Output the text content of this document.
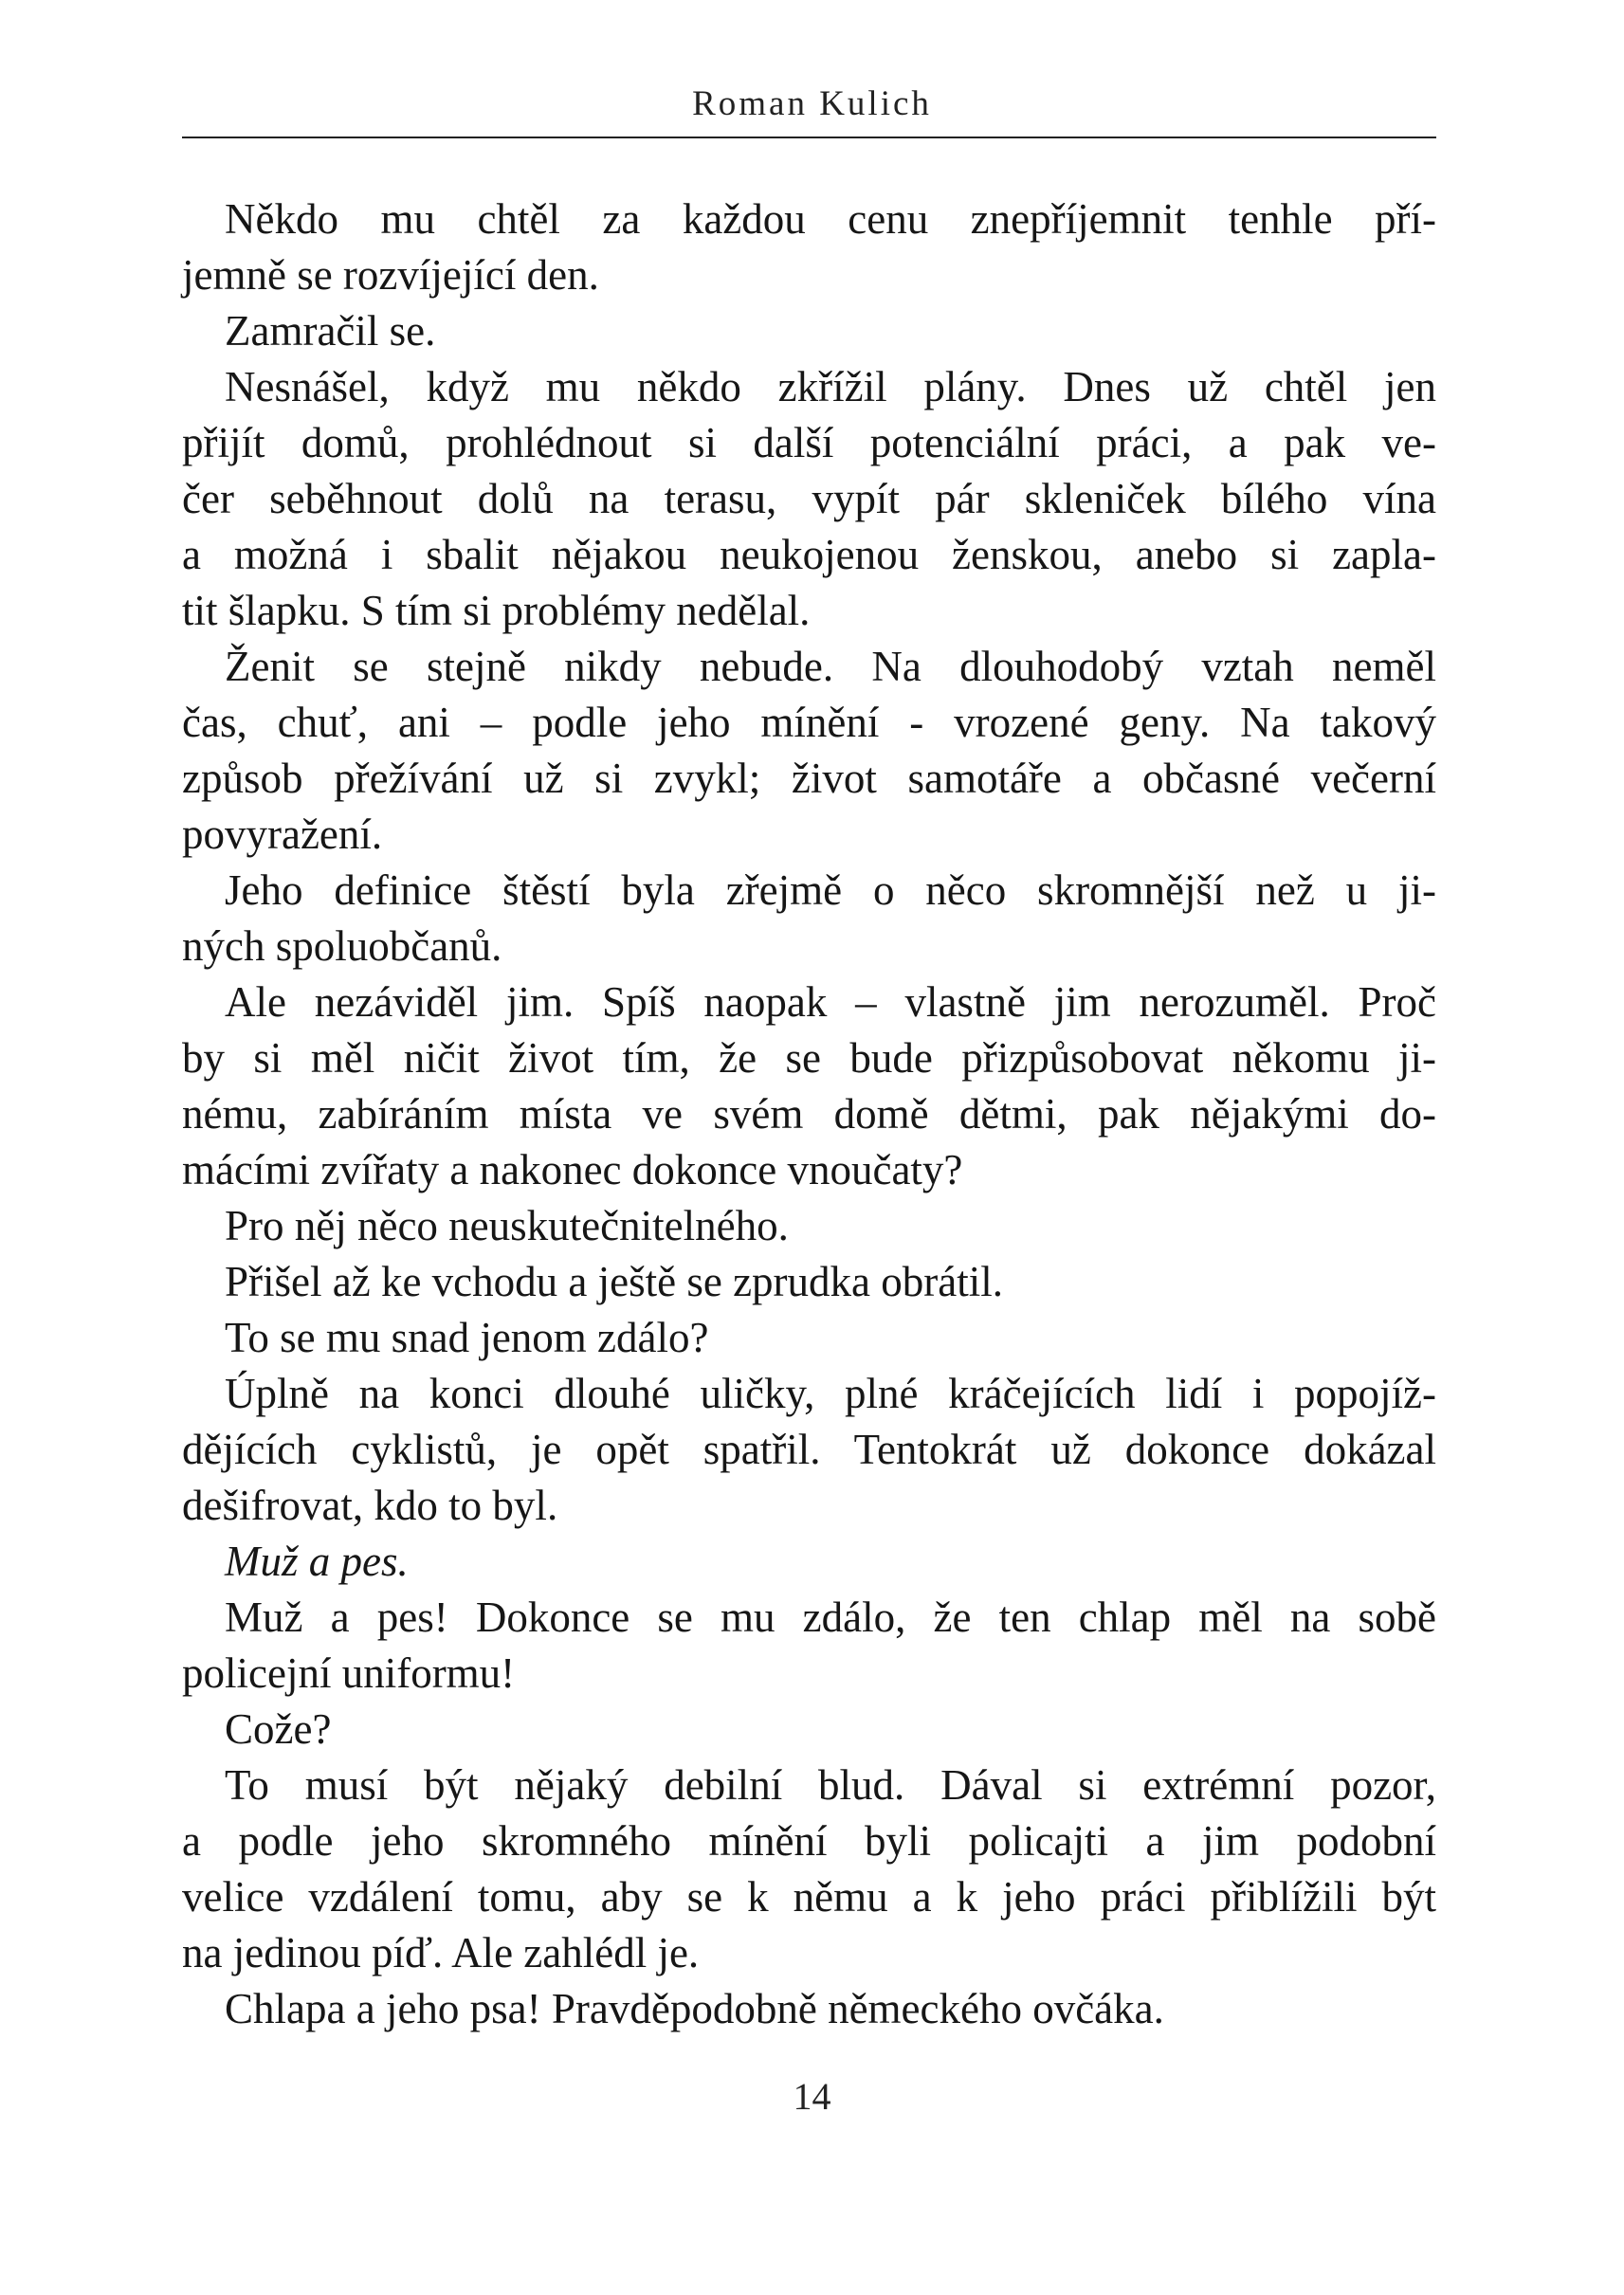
Roman Kulich
Někdo mu chtěl za každou cenu znepříjemnit tenhle pří-
jemně se rozvíjející den.
Zamračil se.
Nesnášel, když mu někdo zkřížil plány. Dnes už chtěl jen
přijít domů, prohlédnout si další potenciální práci, a pak ve-
čer seběhnout dolů na terasu, vypít pár skleniček bílého vína
a možná i sbalit nějakou neukojenou ženskou, anebo si zapla-
tit šlapku. S tím si problémy nedělal.
Ženit se stejně nikdy nebude. Na dlouhodobý vztah neměl
čas, chuť, ani – podle jeho mínění - vrozené geny. Na takový
způsob přežívání už si zvykl; život samotáře a občasné večerní
povyražení.
Jeho definice štěstí byla zřejmě o něco skromnější než u ji-
ných spoluobčanů.
Ale nezáviděl jim. Spíš naopak – vlastně jim nerozuměl. Proč
by si měl ničit život tím, že se bude přizpůsobovat někomu ji-
nému, zabíráním místa ve svém domě dětmi, pak nějakými do-
mácími zvířaty a nakonec dokonce vnoučaty?
Pro něj něco neuskutečnitelného.
Přišel až ke vchodu a ještě se zprudka obrátil.
To se mu snad jenom zdálo?
Úplně na konci dlouhé uličky, plné kráčejících lidí i popojíž-
dějících cyklistů, je opět spatřil. Tentokrát už dokonce dokázal
dešifrovat, kdo to byl.
Muž a pes.
Muž a pes! Dokonce se mu zdálo, že ten chlap měl na sobě
policejní uniformu!
Cože?
To musí být nějaký debilní blud. Dával si extrémní pozor,
a podle jeho skromného mínění byli policajti a jim podobní
velice vzdálení tomu, aby se k němu a k jeho práci přiblížili být
na jedinou píď. Ale zahlédl je.
Chlapa a jeho psa! Pravděpodobně německého ovčáka.
14
